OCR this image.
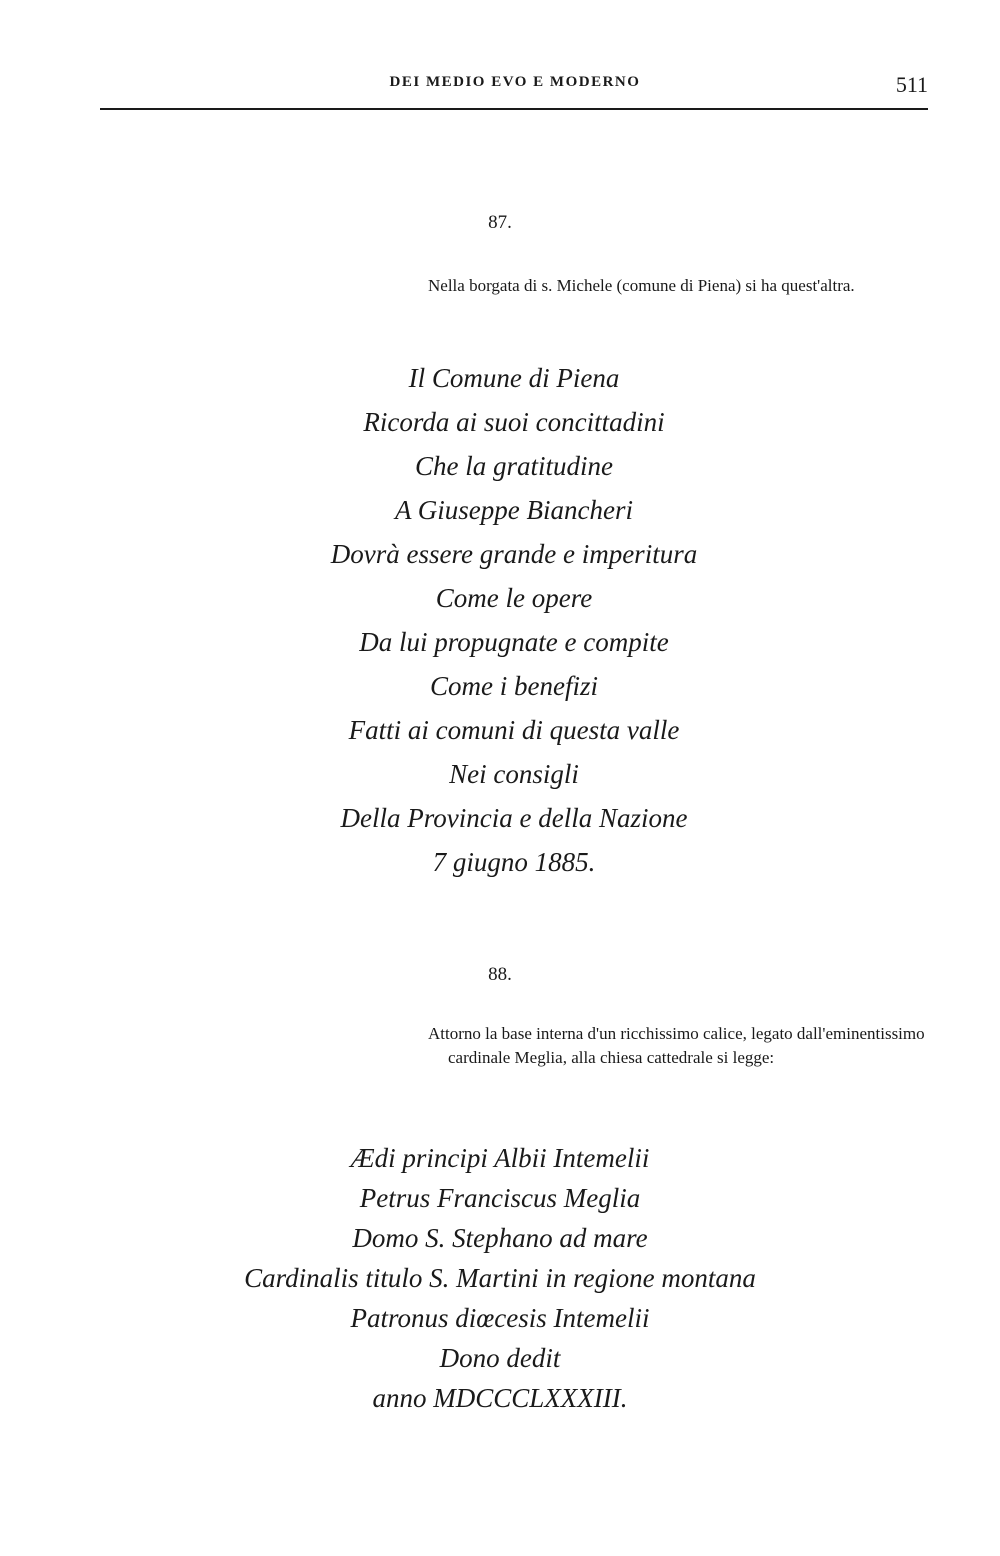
DEI MEDIO EVO E MODERNO	511
87.
Nella borgata di s. Michele (comune di Piena) si ha quest'altra.
Il Comune di Piena
Ricorda ai suoi concittadini
Che la gratitudine
A Giuseppe Biancheri
Dovrà essere grande e imperitura
Come le opere
Da lui propugnate e compite
Come i benefizi
Fatti ai comuni di questa valle
Nei consigli
Della Provincia e della Nazione
7 giugno 1885.
88.
Attorno la base interna d'un ricchissimo calice, legato dall'eminentissimo cardinale Meglia, alla chiesa cattedrale si legge:
Ædi principi Albii Intemelii
Petrus Franciscus Meglia
Domo S. Stephano ad mare
Cardinalis titulo S. Martini in regione montana
Patronus diœcesis Intemelii
Dono dedit
anno MDCCCLXXXIII.
